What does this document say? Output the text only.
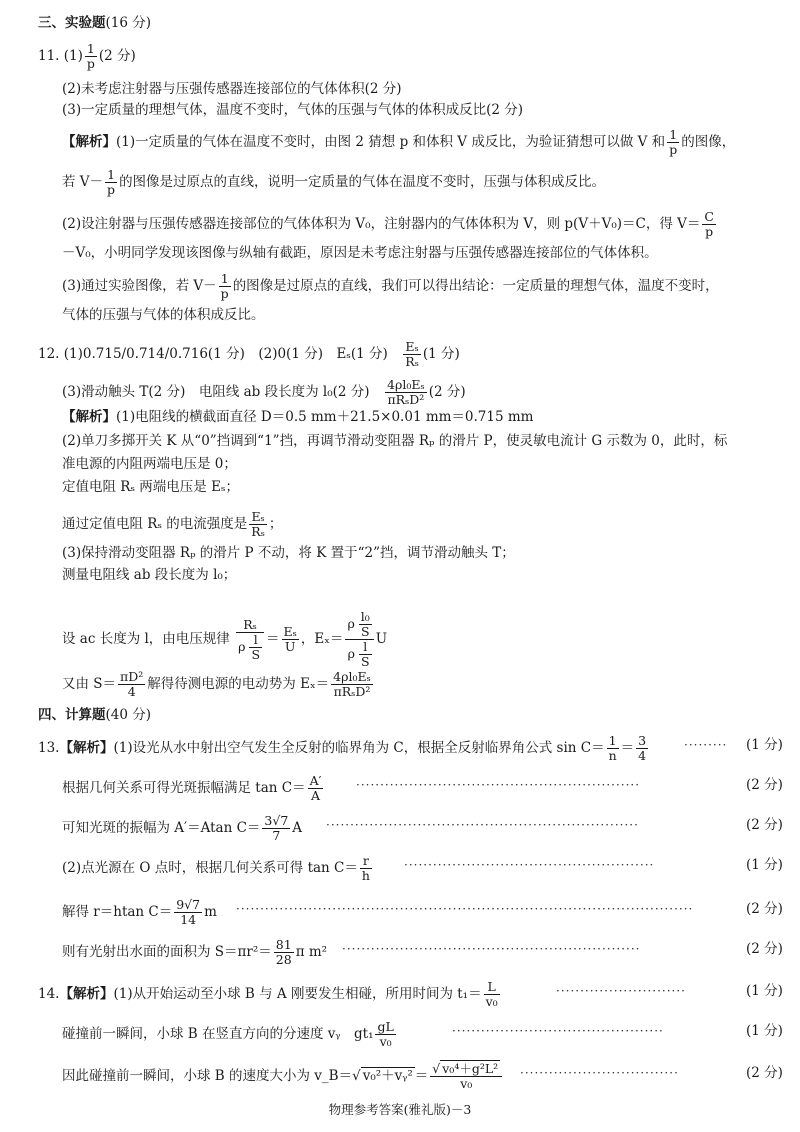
三、实验题(16 分)
11. $(1) \frac{1}{p} (2$ 分)
(2)未考虑注射器与压强传感器连接部位的气体体积(2 分)
(3)一定质量的理想气体，温度不变时，气体的压强与气体的体积成反比(2 分)
【解析】(1)一定质量的气体在温度不变时，由图 2 猜想 p 和体积 V 成反比，为验证猜想可以做 V 和 $\frac{1}{p}$ 的图像，
若 $V- \frac{1}{p}$ 的图像是过原点的直线，说明一定质量的气体在温度不变时，压强与体积成反比。
(2)设注射器与压强传感器连接部位的气体体积为 V₀，注射器内的气体体积为 V，则 p(V＋V₀)＝C，得 $V= \frac{C}{p}$
－V₀，小明同学发现该图像与纵轴有截距，原因是未考虑注射器与压强传感器连接部位的气体体积。
(3)通过实验图像，若 $V- \frac{1}{p}$ 的图像是过原点的直线，我们可以得出结论：一定质量的理想气体，温度不变时，
气体的压强与气体的体积成反比。
12. (1)0.715/0.714/0.716(1 分)　(2)0(1 分)　Eₛ(1 分)　 $\frac{\text{Eₛ}}{\text{Rₛ}} (1$ 分)
(3)滑动触头 T(2 分)　电阻线 ab 段长度为 l₀(2 分)　 4ρl₀Eₛ
πRₛD² (2 分)
【解析】(1)电阻线的横截面直径 D＝0.5 mm＋21.5×0.01 mm＝0.715 mm
(2)单刀多掷开关 K 从“0”挡调到“1”挡，再调节滑动变阻器 Rₚ 的滑片 P，使灵敏电流计 G 示数为 0，此时，标
准电源的内阻两端电压是 0；
定值电阻 Rₛ 两端电压是 Eₛ；
通过定值电阻 Rₛ 的电流强度是 $\frac{\text{Eₛ}}{\text{Rₛ}}$ ；
(3)保持滑动变阻器 Rₚ 的滑片 P 不动，将 K 置于“2”挡，调节滑动触头 T；
测量电阻线 ab 段长度为 l₀；
设 ac 长度为 l，由电压规律 $\frac{\text{Rₛ}}{\rho \frac{l}{S}} = \frac{\text{Eₛ}}{U}$ ，$E_x= \frac{\rho \frac{\text{l₀}}{S}}{\rho \frac{l}{S}}$ U
又由 $S= \frac{\text{πD²}}{4}$ 解得待测电源的电动势为 Eₓ＝ 4ρl₀Eₛ
πRₛD²
四、计算题(40 分)
13.【解析】(1)设光从水中射出空气发生全反射的临界角为 C，根据全反射临界角公式 $\sin C= \frac{1}{n} = \frac{3}{4}$	·········	(1 分)
根据几何关系可得光斑振幅满足 $\tan C= \frac{A'}{A}$	···························································	(2 分)
可知光斑的振幅为 A′＝Atan $C= \frac{3√7}{7}$ A ·································································	(2 分)
(2)点光源在 O 点时，根据几何关系可得 $\tan C= \frac{r}{h}$	····················································	(1 分)
解得 r＝htan $C= \frac{9√7}{14}$ m ·······························································································	(2 分)
则有光射出水面的面积为 $S=\pi r^2= \frac{81}{28}$ π m² ······························································	(2 分)
14.【解析】(1)从开始运动至小球 B 与 A 刚要发生相碰，所用时间为 $t_1= \frac{L}{\text{v₀}}$	···························	(1 分)
碰撞前一瞬间，小球 B 在竖直方向的分速度 vᵧ　$gt_1 \frac{gL}{\text{v₀}}$	············································	(1 分)
因此碰撞前一瞬间，小球 B 的速度大小为 v_B＝√ v₀²＋vᵧ² ＝ $\frac{\text{√ v₀⁴＋g²L²}}{\text{v₀}}$ ·································	(2 分)
物理参考答案(雅礼版)－3
